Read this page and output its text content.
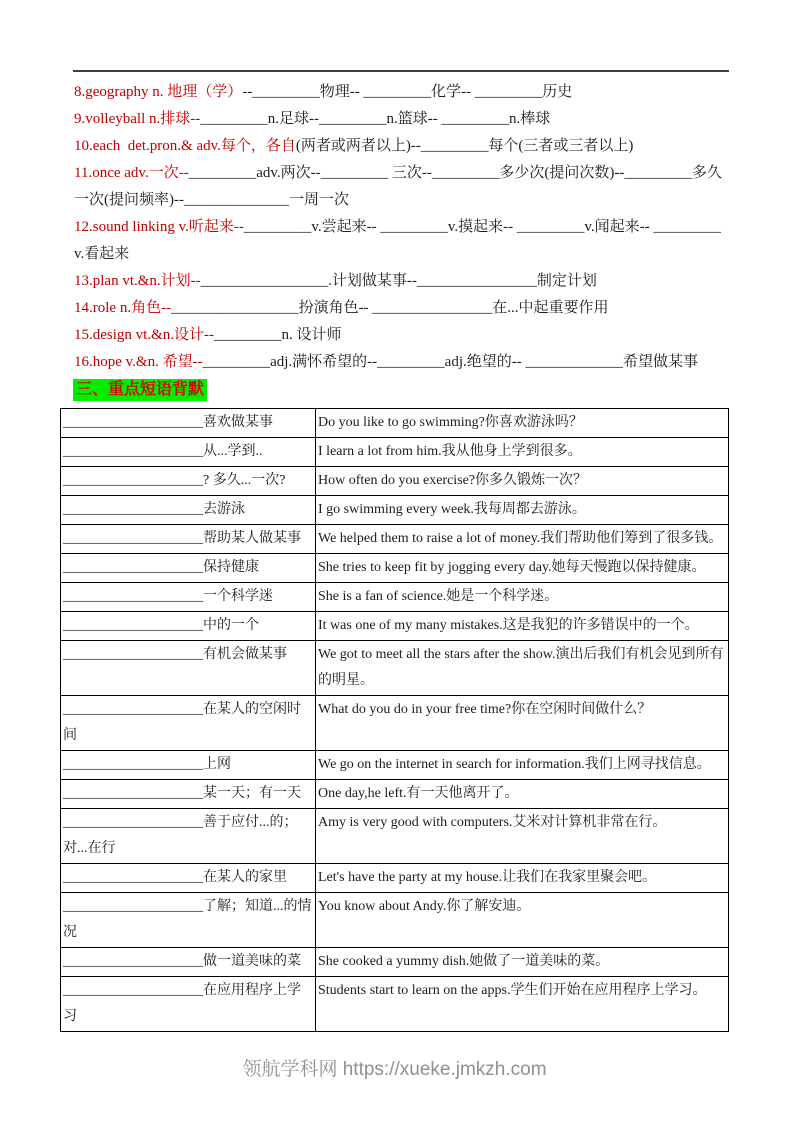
8.geography n. 地理（学）--_________物理-- _________化学-- _________历史

9.volleyball n.排球--_________n.足球--_________n.篮球-- _________n.棒球

10.each  det.pron.& adv.每个，各自(两者或两者以上)--_________每个(三者或三者以上)

11.once adv.一次--_________adv.两次--_________ 三次--_________多少次(提问次数)--_________多久一次(提问频率)--______________一周一次

12.sound linking v.听起来--_________v.尝起来-- _________v.摸起来-- _________v.闻起来-- _________v.看起来

13.plan vt.&n.计划--_________________.计划做某事--________________制定计划

14.role n.角色--_________________扮演角色-- ________________在...中起重要作用

15.design vt.&n.设计--_________n. 设计师

16.hope v.&n. 希望--_________adj.满怀希望的--_________adj.绝望的-- _____________希望做某事

三、重点短语背默
____________________喜欢做某事	Do you like to go swimming?你喜欢游泳吗？
____________________从...学到..	I learn a lot from him.我从他身上学到很多。
____________________? 多久...一次?	How often do you exercise?你多久锻炼一次？
____________________去游泳	I go swimming every week.我每周都去游泳。
____________________帮助某人做某事	We helped them to raise a lot of money.我们帮助他们筹到了很多钱。
____________________保持健康	She tries to keep fit by jogging every day.她每天慢跑以保持健康。
____________________一个科学迷	She is a fan of science.她是一个科学迷。
____________________中的一个	It was one of my many mistakes.这是我犯的许多错误中的一个。
____________________有机会做某事	We got to meet all the stars after the show.演出后我们有机会见到所有的明星。
____________________在某人的空闲时间	What do you do in your free time?你在空闲时间做什么？
____________________上网	We go on the internet in search for information.我们上网寻找信息。
____________________某一天；有一天	One day,he left.有一天他离开了。
____________________善于应付...的；对...在行	Amy is very good with computers.艾米对计算机非常在行。
____________________在某人的家里	Let's have the party at my house.让我们在我家里聚会吧。
____________________了解；知道...的情况	You know about Andy.你了解安迪。
____________________做一道美味的菜	She cooked a yummy dish.她做了一道美味的菜。
____________________在应用程序上学习	Students start to learn on the apps.学生们开始在应用程序上学习。
领航学科网 https://xueke.jmkzh.com
